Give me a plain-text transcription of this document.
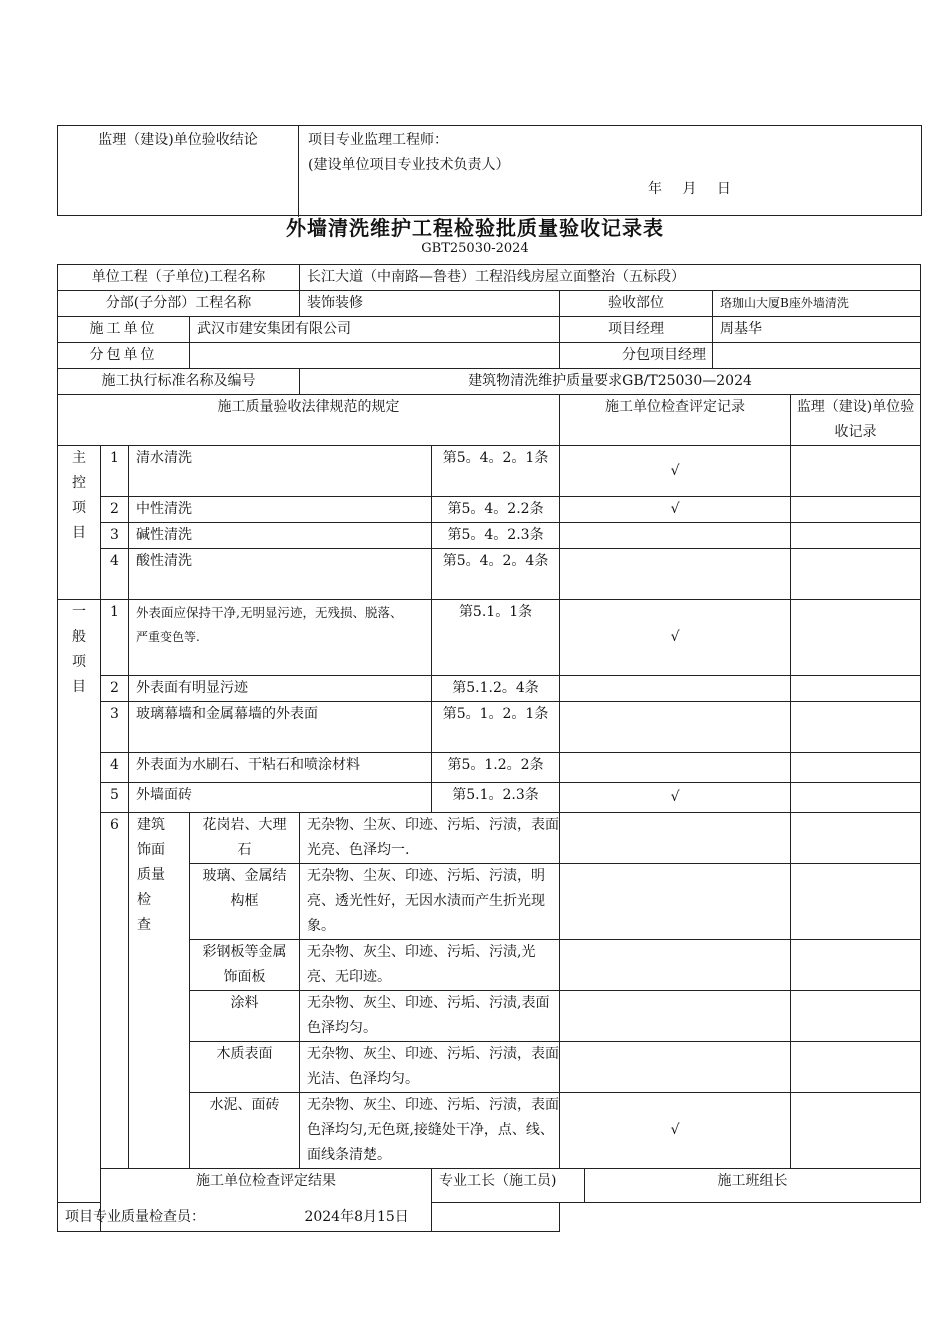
监理（建设)单位验收结论	项目专业监理工程师：
(建设单位项目专业技术负责人）
年 月 日
外墙清洗维护工程检验批质量验收记录表
GBT25030-2024
单位工程（子单位)工程名称				长江大道（中南路—鲁巷）工程沿线房屋立面整治（五标段）						
分部(子分部）工程名称				装饰装修		验收部位		珞珈山大厦B座外墙清洗		
施工单位			武汉市建安集团有限公司			项目经理		周基华		
分包单位						分包项目经理				
施工执行标准名称及编号				建筑物清洗维护质量要求GB/T25030—2024						
施工质量验收法律规范的规定						施工单位检查评定记录			监理（建设)单位验收记录	

主控项目	1	清水清洗			第5。4。2。1条	√				
	2	中性清洗			第5。4。2.2条	√				
	3	碱性清洗			第5。4。2.3条					
	4	酸性清洗			第5。4。2。4条					

一般项目	1	外表面应保持干净,无明显污迹，无残损、脱落、
严重变色等.			第5.1。1条	√				
	2	外表面有明显污迹			第5.1.2。4条					
	3	玻璃幕墙和金属幕墙的外表面			第5。1。2。1条					
	4	外表面为水刷石、干粘石和喷涂材料			第5。1.2。2条					
	5	外墙面砖			第5.1。2.3条	√				
	6	建筑饰面质量检 查	花岗岩、大理石	无杂物、尘灰、印迹、污垢、污渍，表面光亮、色泽均一.						
			玻璃、金属结构框	无杂物、尘灰、印迹、污垢、污渍，明亮、透光性好，无因水渍而产生折光现象。						
			彩钢板等金属饰面板	无杂物、灰尘、印迹、污垢、污渍,光亮、无印迹。						
			涂料	无杂物、灰尘、印迹、污垢、污渍,表面色泽均匀。						
			木质表面	无杂物、灰尘、印迹、污垢、污渍，表面光洁、色泽均匀。						
			水泥、面砖	无杂物、灰尘、印迹、污垢、污渍，表面色泽均匀,无色斑,接缝处干净，点、线、面线条清楚。		√				
	施工单位检查评定结果				专业工长（施工员)		施工班组长			
项目专业质量检查员： 2024年8月15日										
